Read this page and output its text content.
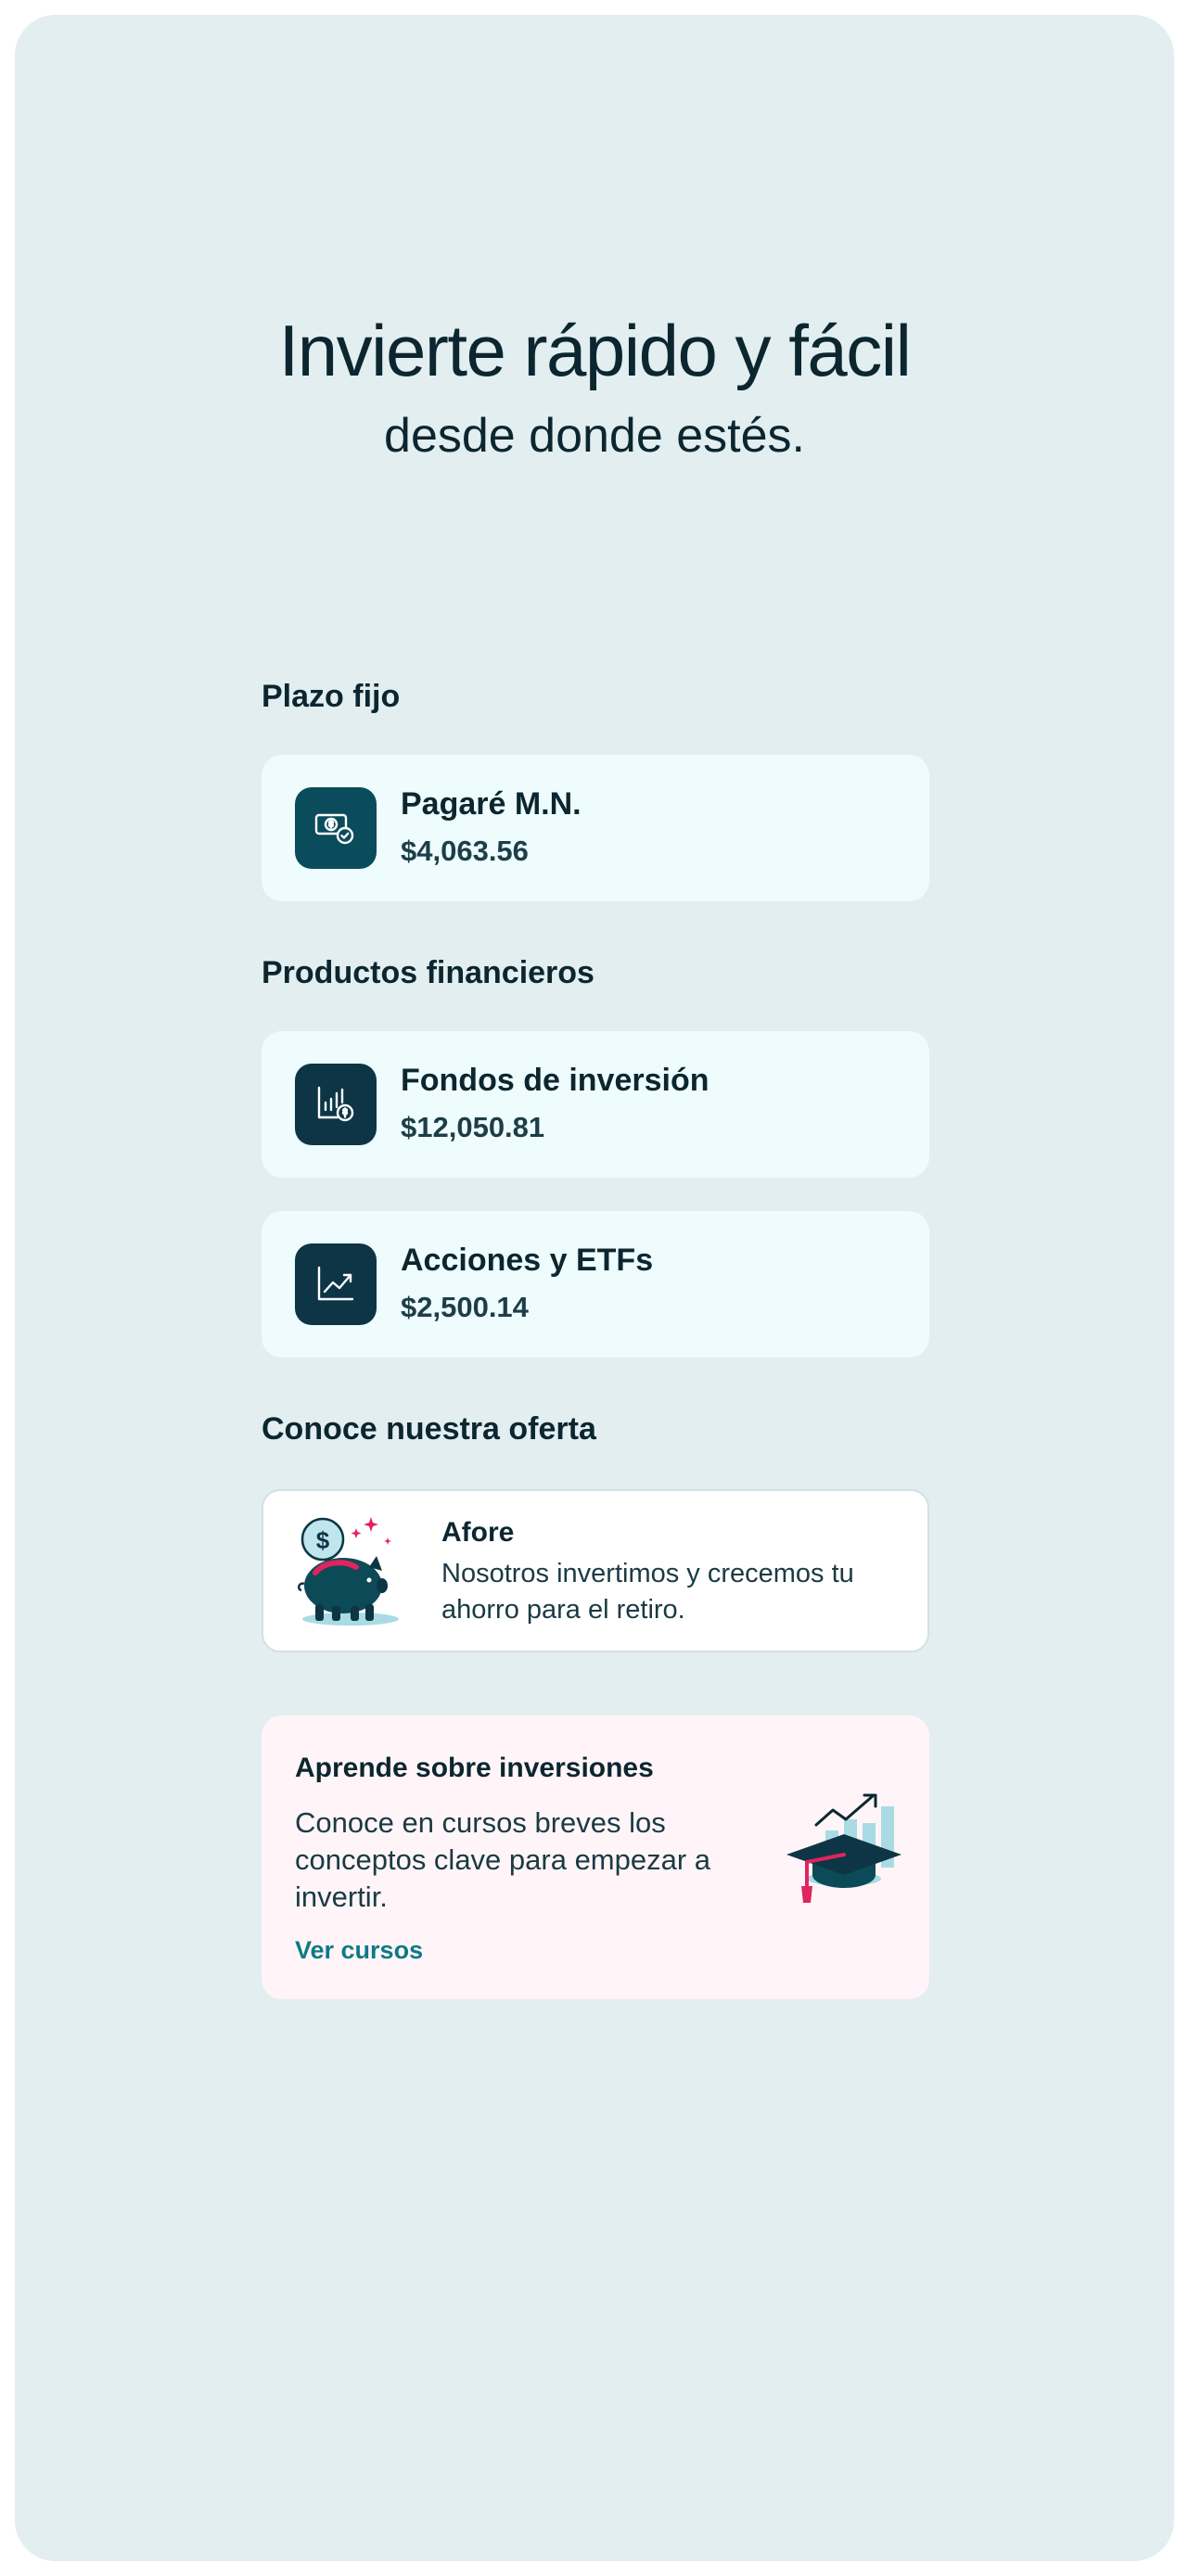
Invierte rápido y fácil
desde donde estés.
Plazo fijo
Pagaré M.N.
$4,063.56
Productos financieros
Fondos de inversión
$12,050.81
Acciones y ETFs
$2,500.14
Conoce nuestra oferta
$	Afore
Nosotros invertimos y crecemos tu ahorro para el retiro.
Aprende sobre inversiones
Conoce en cursos breves los conceptos clave para empezar a invertir.
Ver cursos
